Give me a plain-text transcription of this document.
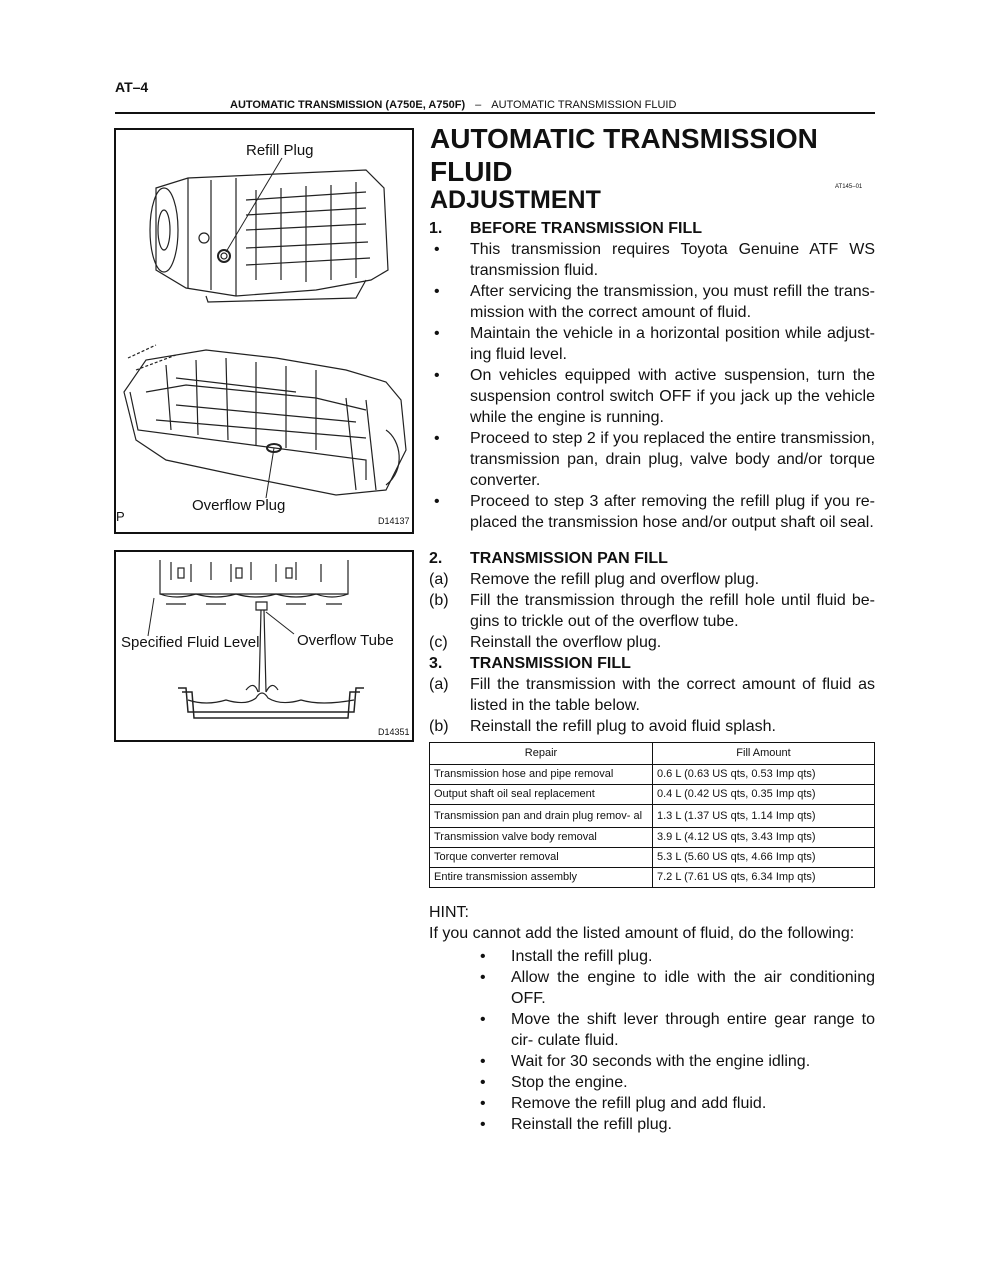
AT–4
AUTOMATIC TRANSMISSION (A750E, A750F) – AUTOMATIC TRANSMISSION FLUID
Refill Plug
Overflow Plug
P	D14137
Specified Fluid Level	Overflow Tube
D14351
AUTOMATIC TRANSMISSION FLUID
ADJUSTMENT	AT145–01
1.	BEFORE TRANSMISSION FILL
•	This transmission requires Toyota Genuine ATF WS transmission fluid.
•	After servicing the transmission, you must refill the trans- mission with the correct amount of fluid.
•	Maintain the vehicle in a horizontal position while adjust- ing fluid level.
•	On vehicles equipped with active suspension, turn the suspension control switch OFF if you jack up the vehicle while the engine is running.
•	Proceed to step 2 if you replaced the entire transmission, transmission pan, drain plug, valve body and/or torque converter.
•	Proceed to step 3 after removing the refill plug if you re- placed the transmission hose and/or output shaft oil seal.
2.	TRANSMISSION PAN FILL
(a)	Remove the refill plug and overflow plug.
(b)	Fill the transmission through the refill hole until fluid be- gins to trickle out of the overflow tube.
(c)	Reinstall the overflow plug.
3.	TRANSMISSION FILL
(a)	Fill the transmission with the correct amount of fluid as listed in the table below.
(b)	Reinstall the refill plug to avoid fluid splash.
Repair	Fill Amount
Transmission hose and pipe removal	0.6 L (0.63 US qts, 0.53 Imp qts)
Output shaft oil seal replacement	0.4 L (0.42 US qts, 0.35 Imp qts)
Transmission pan and drain plug remov- al	1.3 L (1.37 US qts, 1.14 Imp qts)
Transmission valve body removal	3.9 L (4.12 US qts, 3.43 Imp qts)
Torque converter removal	5.3 L (5.60 US qts, 4.66 Imp qts)
Entire transmission assembly	7.2 L (7.61 US qts, 6.34 Imp qts)
HINT:
If you cannot add the listed amount of fluid, do the following:
•	Install the refill plug.
•	Allow the engine to idle with the air conditioning OFF.
•	Move the shift lever through entire gear range to cir- culate fluid.
•	Wait for 30 seconds with the engine idling.
•	Stop the engine.
•	Remove the refill plug and add fluid.
•	Reinstall the refill plug.
